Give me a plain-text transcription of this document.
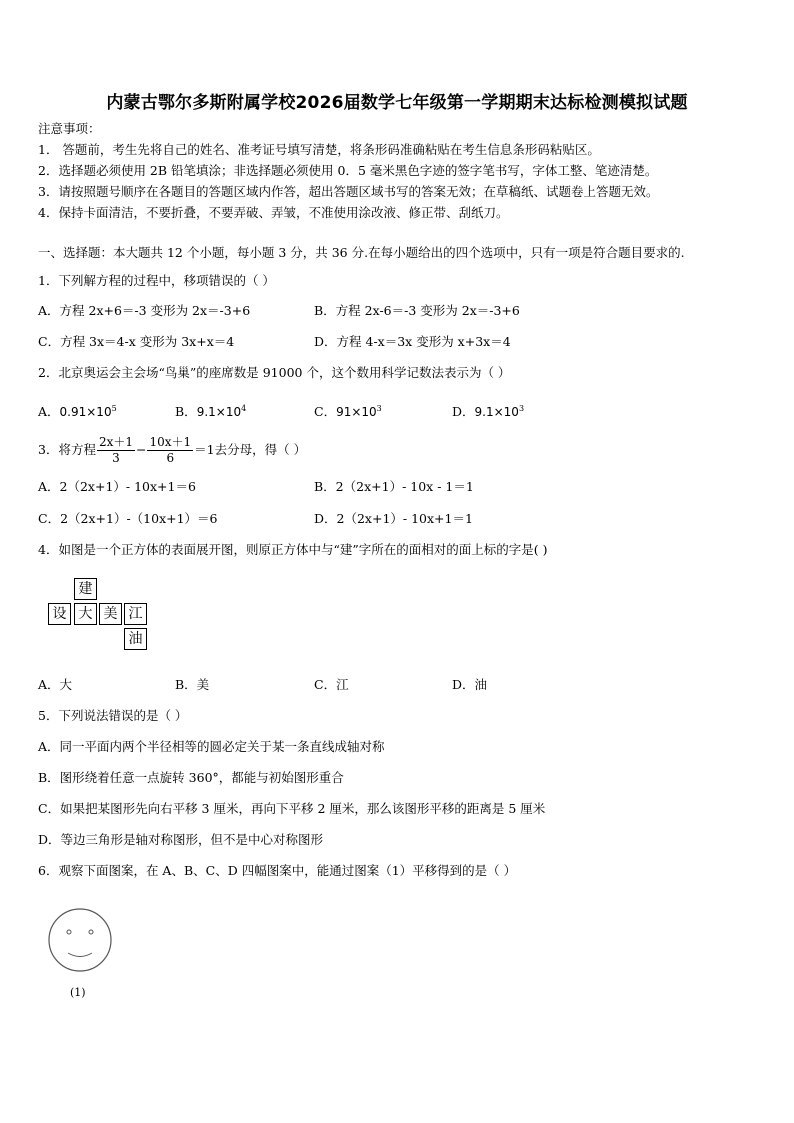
内蒙古鄂尔多斯附属学校2026届数学七年级第一学期期末达标检测模拟试题
注意事项：
1． 答题前，考生先将自己的姓名、准考证号填写清楚，将条形码准确粘贴在考生信息条形码粘贴区。
2．选择题必须使用 2B 铅笔填涂；非选择题必须使用 0．5 毫米黑色字迹的签字笔书写，字体工整、笔迹清楚。
3．请按照题号顺序在各题目的答题区域内作答，超出答题区域书写的答案无效；在草稿纸、试题卷上答题无效。
4．保持卡面清洁，不要折叠，不要弄破、弄皱，不准使用涂改液、修正带、刮纸刀。
一、选择题：本大题共 12 个小题，每小题 3 分，共 36 分.在每小题给出的四个选项中，只有一项是符合题目要求的.
1．下列解方程的过程中，移项错误的（ ）
A．方程 2x+6＝-3 变形为 2x＝-3+6	B．方程 2x-6＝-3 变形为 2x＝-3+6
C．方程 3x＝4-x 变形为 3x+x＝4	D．方程 4-x＝3x 变形为 x+3x＝4
2．北京奥运会主会场“鸟巢”的座席数是 91000 个，这个数用科学记数法表示为（ ）
A．$0.91\times 10^5$	B．$9.1\times 10^4$	C．$91\times 10^3$	D．$9.1\times 10^3$
3．将方程 $\frac{2x+1}{3} - \frac{10x+1}{6} =1$去分母，得（ ）
A．2（2x+1）- 10x+1＝6	B．2（2x+1）- 10x - 1＝1
C．2（2x+1）-（10x+1）＝6	D．2（2x+1）- 10x+1＝1
4．如图是一个正方体的表面展开图，则原正方体中与“建”字所在的面相对的面上标的字是( )
建
设 大 美 江
油
A．大	B．美	C．江	D．油
5．下列说法错误的是（ ）
A．同一平面内两个半径相等的圆必定关于某一条直线成轴对称
B．图形绕着任意一点旋转 360°，都能与初始图形重合
C．如果把某图形先向右平移 3 厘米，再向下平移 2 厘米，那么该图形平移的距离是 5 厘米
D．等边三角形是轴对称图形，但不是中心对称图形
6．观察下面图案，在 A、B、C、D 四幅图案中，能通过图案（1）平移得到的是（ ）
(1)
